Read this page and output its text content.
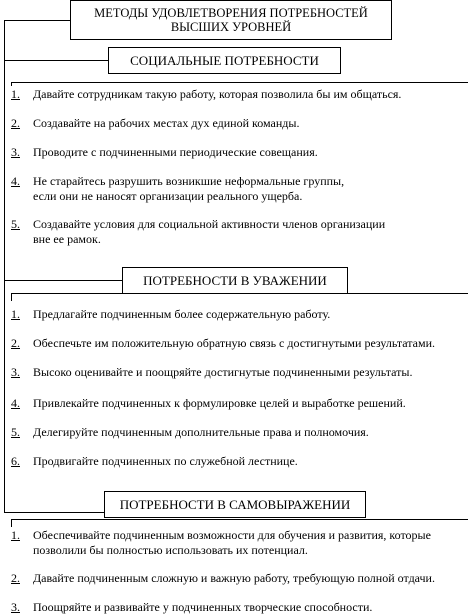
МЕТОДЫ УДОВЛЕТВОРЕНИЯ ПОТРЕБНОСТЕЙ
ВЫСШИХ УРОВНЕЙ
СОЦИАЛЬНЫЕ ПОТРЕБНОСТИ
1.	Давайте сотрудникам такую работу, которая позволила бы им общаться.
2.	Создавайте на рабочих местах дух единой команды.
3.	Проводите с подчиненными периодические совещания.
4.	Не старайтесь разрушить возникшие неформальные группы,
если они не наносят организации реального ущерба.
5.	Создавайте условия для социальной активности членов организации
вне ее рамок.
ПОТРЕБНОСТИ В УВАЖЕНИИ
1.	Предлагайте подчиненным более содержательную работу.
2.	Обеспечьте им положительную обратную связь с достигнутыми результатами.
3.	Высоко оценивайте и поощряйте достигнутые подчиненными результаты.
4.	Привлекайте подчиненных к формулировке целей и выработке решений.
5.	Делегируйте подчиненным дополнительные права и полномочия.
6.	Продвигайте подчиненных по служебной лестнице.
ПОТРЕБНОСТИ В САМОВЫРАЖЕНИИ
1.	Обеспечивайте подчиненным возможности для обучения и развития, которые
позволили бы полностью использовать их потенциал.
2.	Давайте подчиненным сложную и важную работу, требующую полной отдачи.
3.	Поощряйте и развивайте у подчиненных творческие способности.
